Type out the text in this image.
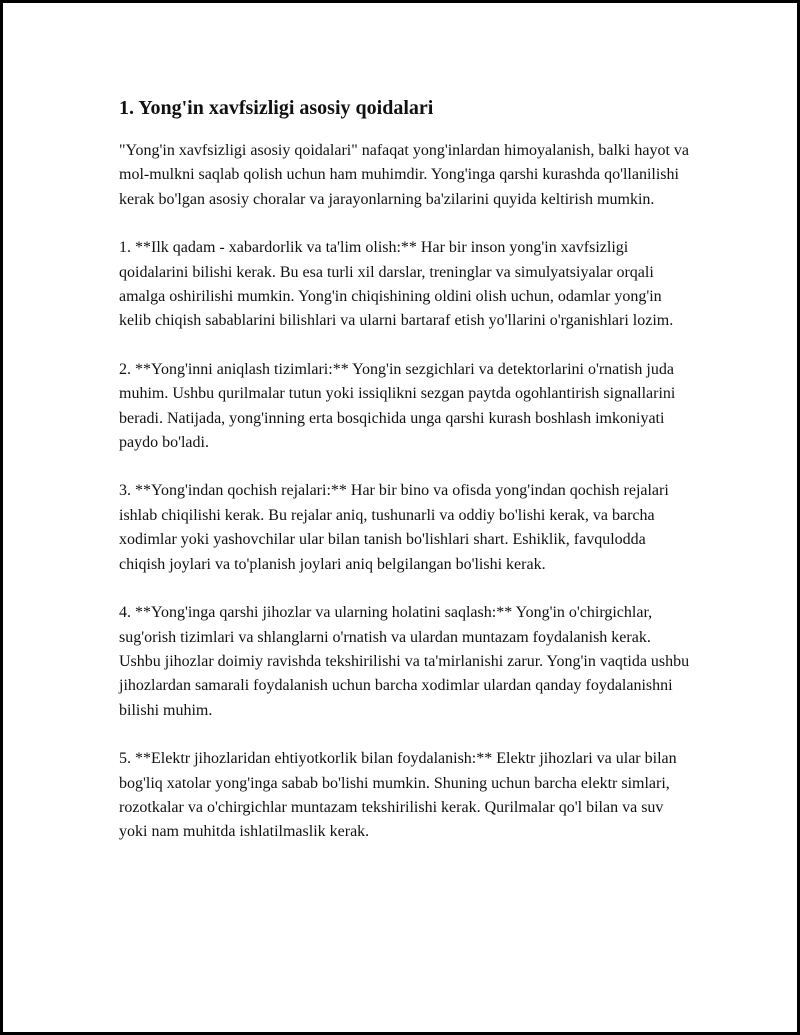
1. Yong'in xavfsizligi asosiy qoidalari

"Yong'in xavfsizligi asosiy qoidalari" nafaqat yong'inlardan himoyalanish, balki hayot va mol-mulkni saqlab qolish uchun ham muhimdir. Yong'inga qarshi kurashda qo'llanilishi kerak bo'lgan asosiy choralar va jarayonlarning ba'zilarini quyida keltirish mumkin.

1. **Ilk qadam - xabardorlik va ta'lim olish:** Har bir inson yong'in xavfsizligi qoidalarini bilishi kerak. Bu esa turli xil darslar, treninglar va simulyatsiyalar orqali amalga oshirilishi mumkin. Yong'in chiqishining oldini olish uchun, odamlar yong'in kelib chiqish sabablarini bilishlari va ularni bartaraf etish yo'llarini o'rganishlari lozim.

2. **Yong'inni aniqlash tizimlari:** Yong'in sezgichlari va detektorlarini o'rnatish juda muhim. Ushbu qurilmalar tutun yoki issiqlikni sezgan paytda ogohlantirish signallarini beradi. Natijada, yong'inning erta bosqichida unga qarshi kurash boshlash imkoniyati paydo bo'ladi.

3. **Yong'indan qochish rejalari:** Har bir bino va ofisda yong'indan qochish rejalari ishlab chiqilishi kerak. Bu rejalar aniq, tushunarli va oddiy bo'lishi kerak, va barcha xodimlar yoki yashovchilar ular bilan tanish bo'lishlari shart. Eshiklik, favqulodda chiqish joylari va to'planish joylari aniq belgilangan bo'lishi kerak.

4. **Yong'inga qarshi jihozlar va ularning holatini saqlash:** Yong'in o'chirgichlar, sug'orish tizimlari va shlanglarni o'rnatish va ulardan muntazam foydalanish kerak. Ushbu jihozlar doimiy ravishda tekshirilishi va ta'mirlanishi zarur. Yong'in vaqtida ushbu jihozlardan samarali foydalanish uchun barcha xodimlar ulardan qanday foydalanishni bilishi muhim.

5. **Elektr jihozlaridan ehtiyotkorlik bilan foydalanish:** Elektr jihozlari va ular bilan bog'liq xatolar yong'inga sabab bo'lishi mumkin. Shuning uchun barcha elektr simlari, rozotkalar va o'chirgichlar muntazam tekshirilishi kerak. Qurilmalar qo'l bilan va suv yoki nam muhitda ishlatilmaslik kerak.
